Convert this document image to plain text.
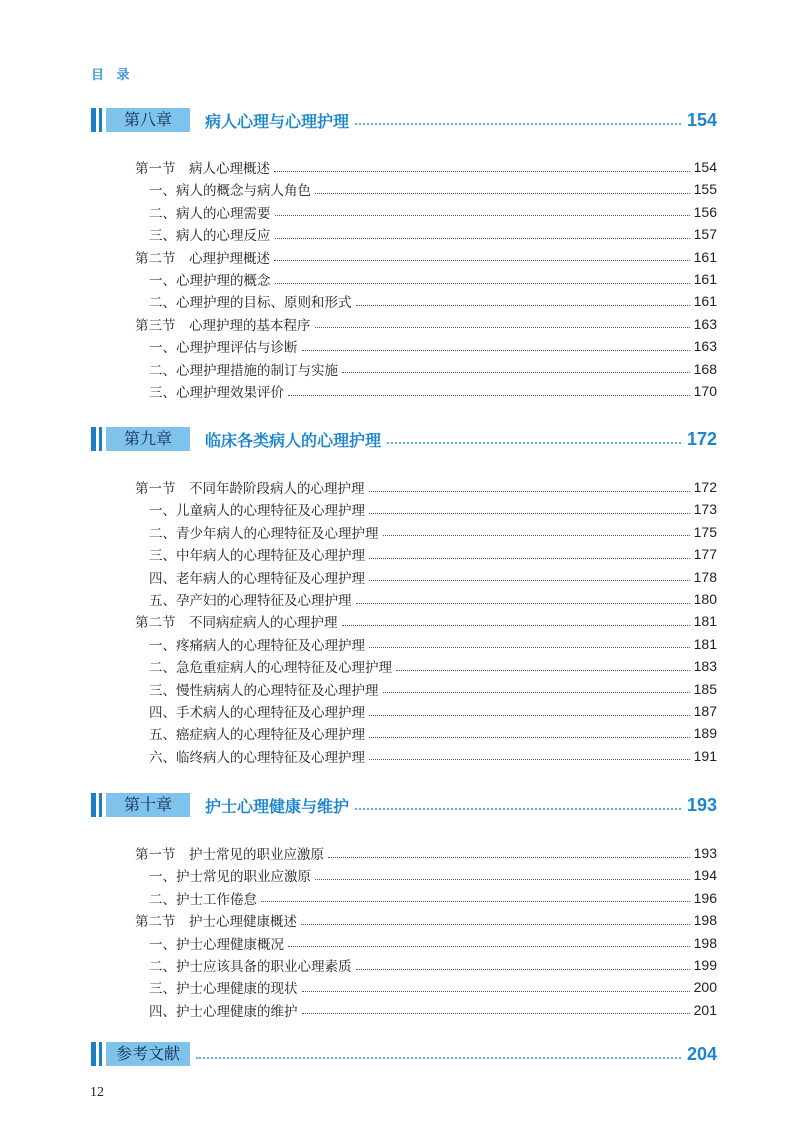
目 录
第八章	病人心理与心理护理	154
第一节　病人心理概述	154
一、病人的概念与病人角色	155
二、病人的心理需要	156
三、病人的心理反应	157
第二节　心理护理概述	161
一、心理护理的概念	161
二、心理护理的目标、原则和形式	161
第三节　心理护理的基本程序	163
一、心理护理评估与诊断	163
二、心理护理措施的制订与实施	168
三、心理护理效果评价	170
第九章	临床各类病人的心理护理	172
第一节　不同年龄阶段病人的心理护理	172
一、儿童病人的心理特征及心理护理	173
二、青少年病人的心理特征及心理护理	175
三、中年病人的心理特征及心理护理	177
四、老年病人的心理特征及心理护理	178
五、孕产妇的心理特征及心理护理	180
第二节　不同病症病人的心理护理	181
一、疼痛病人的心理特征及心理护理	181
二、急危重症病人的心理特征及心理护理	183
三、慢性病病人的心理特征及心理护理	185
四、手术病人的心理特征及心理护理	187
五、癌症病人的心理特征及心理护理	189
六、临终病人的心理特征及心理护理	191
第十章	护士心理健康与维护	193
第一节　护士常见的职业应激原	193
一、护士常见的职业应激原	194
二、护士工作倦怠	196
第二节　护士心理健康概述	198
一、护士心理健康概况	198
二、护士应该具备的职业心理素质	199
三、护士心理健康的现状	200
四、护士心理健康的维护	201
参考文献	204
12
